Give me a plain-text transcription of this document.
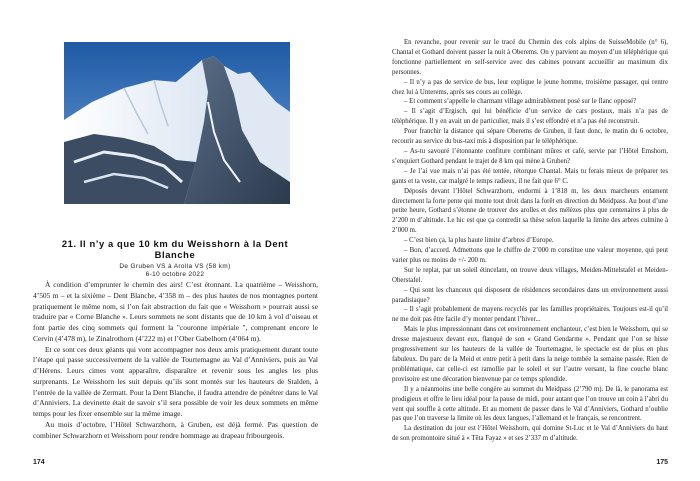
21. Il n’y a que 10 km du Weisshorn à la Dent Blanche
De Gruben VS à Arolla VS (58 km)
6-10 octobre 2022

À condition d’emprunter le chemin des airs! C’est étonnant. La quatrième – Weisshorn, 4’505 m – et la sixième – Dent Blanche, 4’358 m – des plus hautes de nos montagnes portent pratiquement le même nom, si l’on fait abstraction du fait que « Weisshorn » pourrait aussi se traduire par « Corne Blanche ». Leurs sommets ne sont distants que de 10 km à vol d’oiseau et font partie des cinq sommets qui forment la "couronne impériale ", comprenant encore le Cervin (4’478 m), le Zinalrothorn (4’222 m) et l’Ober Gabelhorn (4’064 m).

Et ce sont ces deux géants qui vont accompagner nos deux amis pratiquement durant toute l’étape qui passe successivement de la vallée de Tourtemagne au Val d’Anniviers, puis au Val d’Hérens. Leurs cimes vont apparaître, disparaître et revenir sous les angles les plus surprenants. Le Weisshorn les suit depuis qu’ils sont montés sur les hauteurs de Stalden, à l’entrée de la vallée de Zermatt. Pour la Dent Blanche, il faudra attendre de pénétrer dans le Val d’Anniviers. La devinette était de savoir s’il sera possible de voir les deux sommets en même temps pour les fixer ensemble sur la même image.

Au mois d’octobre, l’Hôtel Schwarzhorn, à Gruben, est déjà fermé. Pas question de combiner Schwarzhorn et Weisshorn pour rendre hommage au drapeau fribourgeois.

174

En revanche, pour revenir sur le tracé du Chemin des cols alpins de SuisseMobile (n° 6), Chantal et Gothard doivent passer la nuit à Oberems. On y parvient au moyen d’un téléphérique qui fonctionne partiellement en self-service avec des cabines pouvant accueillir au maximum dix personnes.

– Il n’y a pas de service de bus, leur explique le jeune homme, troisième passager, qui rentre chez lui à Unterems, après ses cours au collège.

– Et comment s’appelle le charmant village admirablement posé sur le flanc opposé?

– Il s’agit d’Ergisch, qui lui bénéficie d’un service de cars postaux, mais n’a pas de téléphérique. Il y en avait un de particulier, mais il s’est effondré et n’a pas été reconstruit.

Pour franchir la distance qui sépare Oberems de Gruben, il faut donc, le matin du 6 octobre, recourir au service du bus-taxi mis à disposition par le téléphérique.

– As-tu savouré l’étonnante confiture combinant mûres et café, servie par l’Hôtel Emshorn, s’enquiert Gothard pendant le trajet de 8 km qui mène à Gruben?

– Je l’ai vue mais n’ai pas été tentée, rétorque Chantal. Mais tu ferais mieux de préparer tes gants et ta veste, car malgré le temps radieux, il ne fait que 6° C.

Déposés devant l’Hôtel Schwarzhorn, endormi à 1’818 m, les deux marcheurs entament directement la forte pente qui monte tout droit dans la forêt en direction du Meidpass. Au bout d’une petite heure, Gothard s’étonne de trouver des arolles et des mélèzes plus que centenaires à plus de 2’200 m d’altitude. Le hic est que ça contredit sa thèse selon laquelle la limite des arbres culmine à 2’000 m.

– C’est bien ça, la plus haute limite d’arbres d’Europe.

– Bon, d’accord. Admettons que le chiffre de 2’000 m constitue une valeur moyenne, qui peut varier plus ou moins de +/- 200 m.

Sur le replat, par un soleil étincelant, on trouve deux villages, Meiden-Mittelstafel et Meiden-Oberstafel.

– Qui sont les chanceux qui disposent de résidences secondaires dans un environnement aussi paradisiaque?

– Il s’agit probablement de mayens recyclés par les familles propriétaires. Toujours est-il qu’il ne me doit pas être facile d’y monter pendant l’hiver...

Mais le plus impressionnant dans cet environnement enchanteur, c’est bien le Weisshorn, qui se dresse majestueux devant eux, flanqué de son « Grand Gendarme ». Pendant que l’on se hisse progressivement sur les hauteurs de la vallée de Tourtemagne, le spectacle est de plus en plus fabuleux. Du parc de la Meid et entre petit à petit dans la neige tombée la semaine passée. Rien de problématique, car celle-ci est ramollie par le soleil et sur l’autre versant, la fine couche blanc provisoire est une décoration bienvenue par ce temps splendide.

Il y a néanmoins une belle congère au sommet du Meidpass (2’790 m). De là, le panorama est prodigieux et offre le lieu idéal pour la pause de midi, pour autant que l’on trouve un coin à l’abri du vent qui souffle à cette altitude. Et au moment de passer dans le Val d’Anniviers, Gothard n’oublie pas que l’on traverse la limite où les deux langues, l’allemand et le français, se rencontrent.

La destination du jour est l’Hôtel Weisshorn, qui domine St-Luc et le Val d’Anniviers du haut de son promontoire situé à « Têta Fayaz » et ses 2’337 m d’altitude.

175
